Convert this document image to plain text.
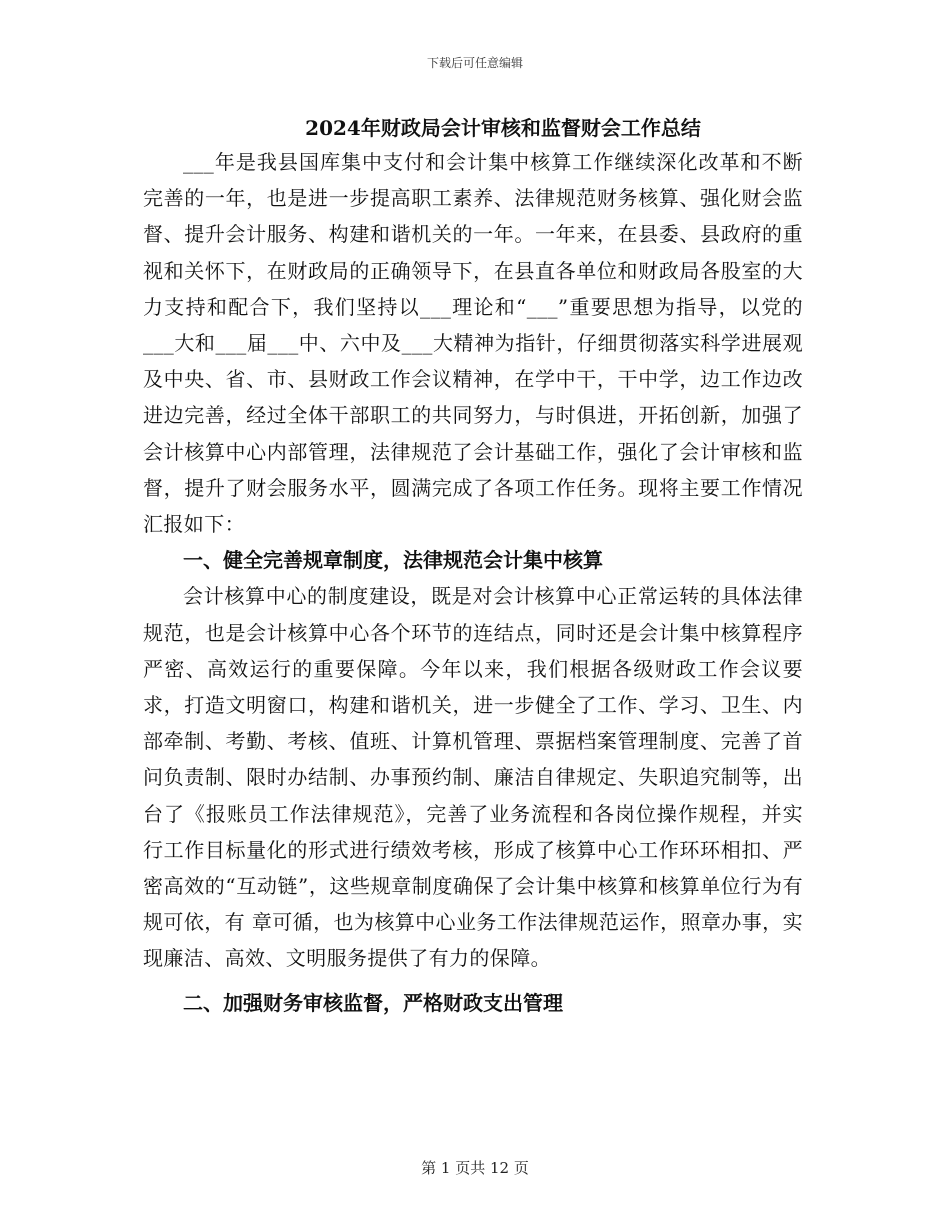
下载后可任意编辑
2024年财政局会计审核和监督财会工作总结

___年是我县国库集中支付和会计集中核算工作继续深化改革和不断完善的一年，也是进一步提高职工素养、法律规范财务核算、强化财会监督、提升会计服务、构建和谐机关的一年。一年来，在县委、县政府的重视和关怀下，在财政局的正确领导下，在县直各单位和财政局各股室的大力支持和配合下，我们坚持以___理论和“___”重要思想为指导，以党的___大和___届___中、六中及___大精神为指针，仔细贯彻落实科学进展观及中央、省、市、县财政工作会议精神，在学中干，干中学，边工作边改进边完善，经过全体干部职工的共同努力，与时俱进，开拓创新，加强了会计核算中心内部管理，法律规范了会计基础工作，强化了会计审核和监督，提升了财会服务水平，圆满完成了各项工作任务。现将主要工作情况汇报如下：

一、健全完善规章制度，法律规范会计集中核算

会计核算中心的制度建设，既是对会计核算中心正常运转的具体法律规范，也是会计核算中心各个环节的连结点，同时还是会计集中核算程序严密、高效运行的重要保障。今年以来，我们根据各级财政工作会议要求，打造文明窗口，构建和谐机关，进一步健全了工作、学习、卫生、内部牵制、考勤、考核、值班、计算机管理、票据档案管理制度、完善了首问负责制、限时办结制、办事预约制、廉洁自律规定、失职追究制等，出台了《报账员工作法律规范》，完善了业务流程和各岗位操作规程，并实行工作目标量化的形式进行绩效考核，形成了核算中心工作环环相扣、严密高效的“互动链”，这些规章制度确保了会计集中核算和核算单位行为有规可依，有 章可循，也为核算中心业务工作法律规范运作，照章办事，实现廉洁、高效、文明服务提供了有力的保障。

二、加强财务审核监督，严格财政支出管理
第 1 页共 12 页
